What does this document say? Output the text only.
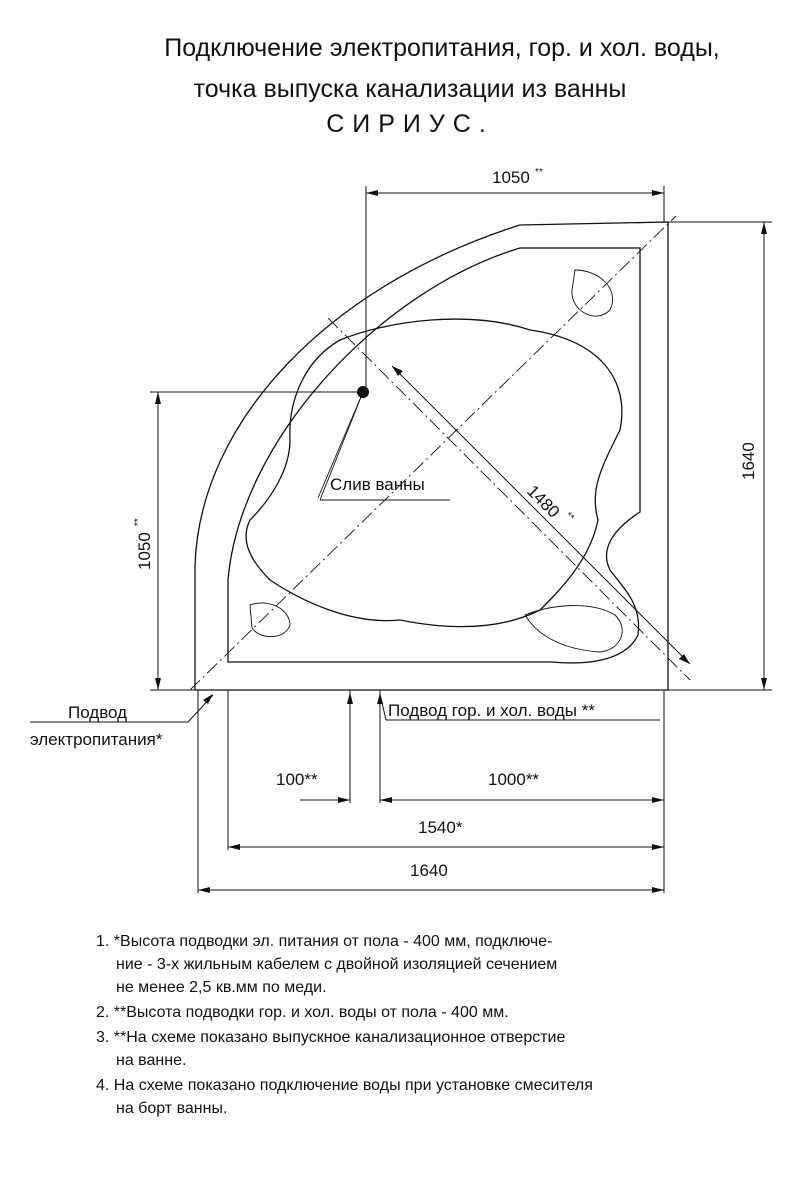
Подключение электропитания, гор. и хол. воды,
точка выпуска канализации из ванны
СИРИУС.
1050 **
1640
1050
**
1480 **
Слив ванны
Подвод
электропитания*
Подвод гор. и хол. воды **
100**	1000**
1540*
1640
1. *Высота подводки эл. питания от пола - 400 мм, подключе-
ние - 3-х жильным кабелем с двойной изоляцией сечением
не менее 2,5 кв.мм по меди.
2. **Высота подводки гор. и хол. воды от пола - 400 мм.
3. **На схеме показано выпускное канализационное отверстие
на ванне.
4. На схеме показано подключение воды при установке смесителя
на борт ванны.
